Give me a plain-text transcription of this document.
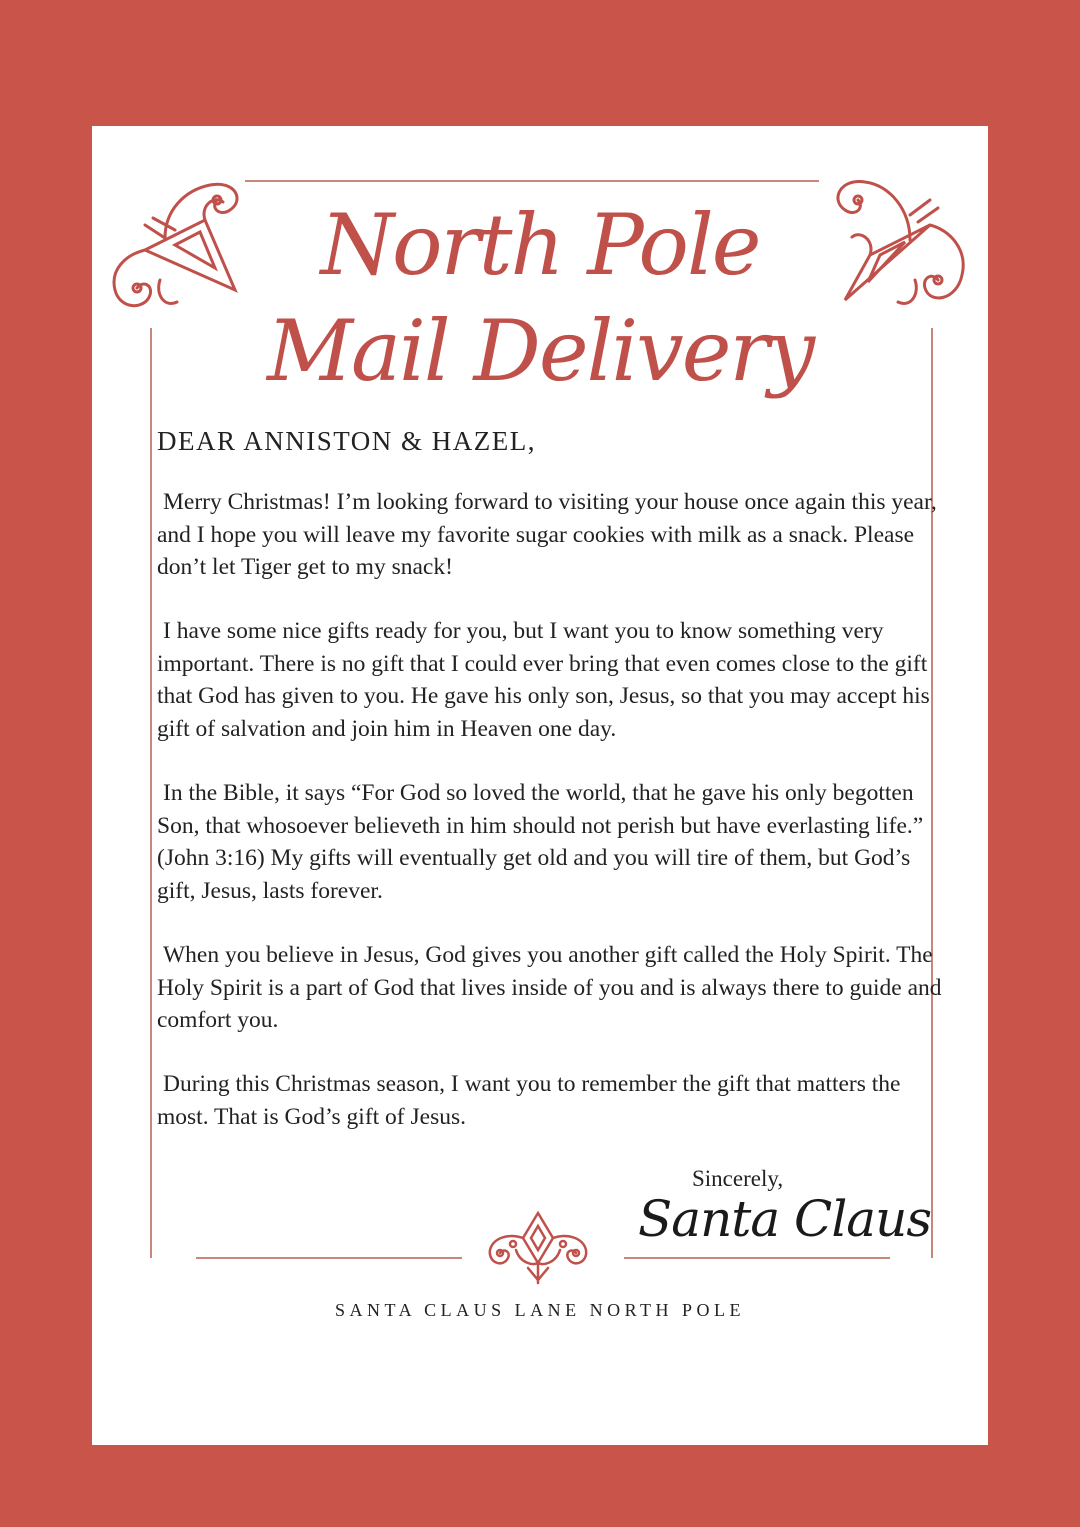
North Pole
Mail Delivery
DEAR ANNISTON & HAZEL,
Merry Christmas! I’m looking forward to visiting your house once again this year, and I hope you will leave my favorite sugar cookies with milk as a snack. Please don’t let Tiger get to my snack!
I have some nice gifts ready for you, but I want you to know something very important. There is no gift that I could ever bring that even comes close to the gift that God has given to you. He gave his only son, Jesus, so that you may accept his gift of salvation and join him in Heaven one day.
In the Bible, it says “For God so loved the world, that he gave his only begotten Son, that whosoever believeth in him should not perish but have everlasting life.” (John 3:16) My gifts will eventually get old and you will tire of them, but God’s gift, Jesus, lasts forever.
When you believe in Jesus, God gives you another gift called the Holy Spirit. The Holy Spirit is a part of God that lives inside of you and is always there to guide and comfort you.
During this Christmas season, I want you to remember the gift that matters the most. That is God’s gift of Jesus.
Sincerely,
Santa Claus
SANTA CLAUS LANE NORTH POLE
